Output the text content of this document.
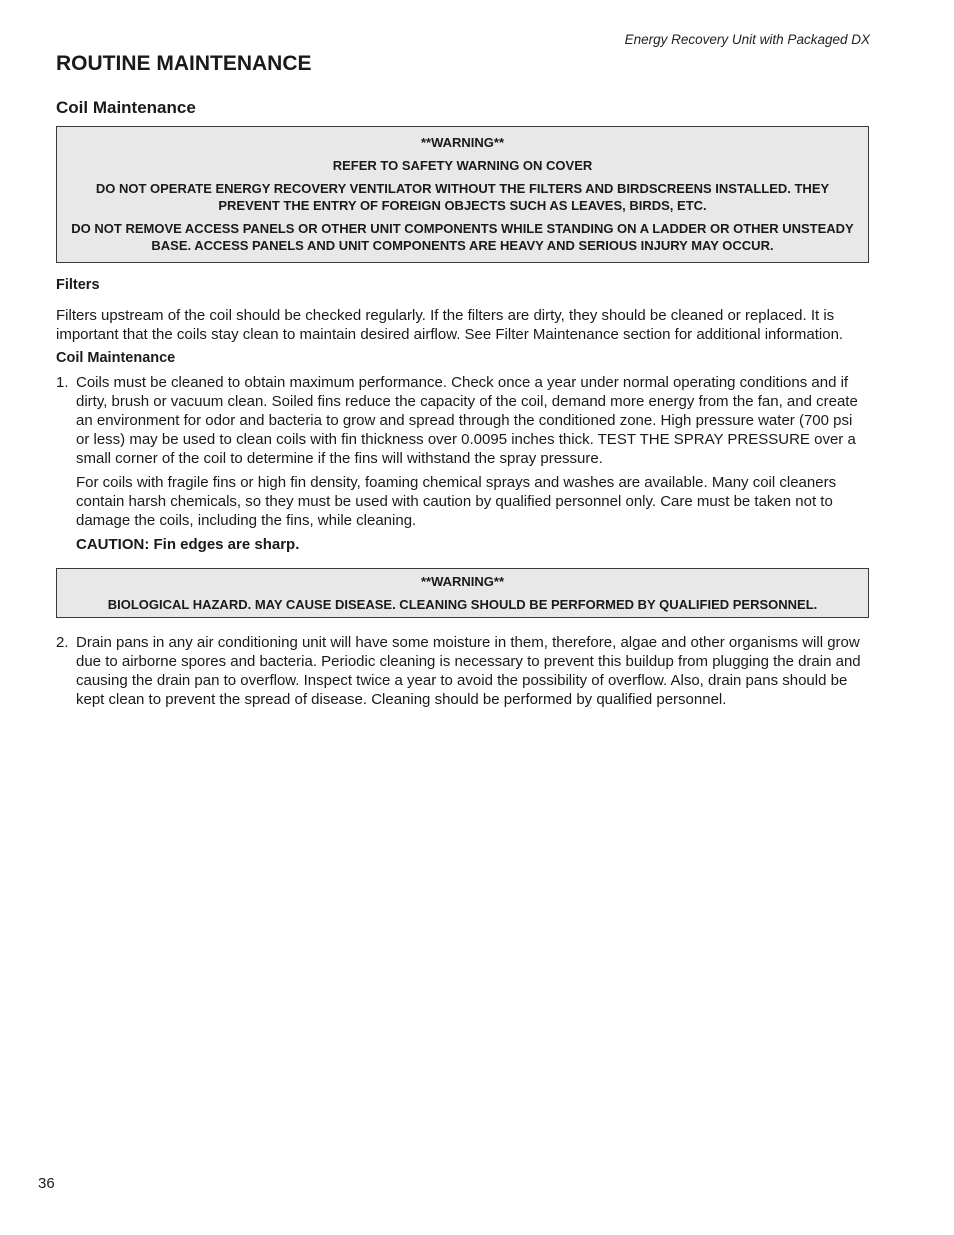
Energy Recovery Unit with Packaged DX
ROUTINE MAINTENANCE
Coil Maintenance

**WARNING**

REFER TO SAFETY WARNING ON COVER

DO NOT OPERATE ENERGY RECOVERY VENTILATOR WITHOUT THE FILTERS AND BIRDSCREENS INSTALLED. THEY PREVENT THE ENTRY OF FOREIGN OBJECTS SUCH AS LEAVES, BIRDS, ETC.

DO NOT REMOVE ACCESS PANELS OR OTHER UNIT COMPONENTS WHILE STANDING ON A LADDER OR OTHER UNSTEADY BASE. ACCESS PANELS AND UNIT COMPONENTS ARE HEAVY AND SERIOUS INJURY MAY OCCUR.

Filters

Filters upstream of the coil should be checked regularly. If the filters are dirty, they should be cleaned or replaced. It is important that the coils stay clean to maintain desired airflow. See Filter Maintenance section for additional information.

Coil Maintenance

1. Coils must be cleaned to obtain maximum performance. Check once a year under normal operating conditions and if dirty, brush or vacuum clean. Soiled fins reduce the capacity of the coil, demand more energy from the fan, and create an environment for odor and bacteria to grow and spread through the conditioned zone. High pressure water (700 psi or less) may be used to clean coils with fin thickness over 0.0095 inches thick. TEST THE SPRAY PRESSURE over a small corner of the coil to determine if the fins will withstand the spray pressure.

For coils with fragile fins or high fin density, foaming chemical sprays and washes are available. Many coil cleaners contain harsh chemicals, so they must be used with caution by qualified personnel only. Care must be taken not to damage the coils, including the fins, while cleaning.

CAUTION: Fin edges are sharp.

**WARNING**

BIOLOGICAL HAZARD. MAY CAUSE DISEASE. CLEANING SHOULD BE PERFORMED BY QUALIFIED PERSONNEL.

2. Drain pans in any air conditioning unit will have some moisture in them, therefore, algae and other organisms will grow due to airborne spores and bacteria. Periodic cleaning is necessary to prevent this buildup from plugging the drain and causing the drain pan to overflow. Inspect twice a year to avoid the possibility of overflow. Also, drain pans should be kept clean to prevent the spread of disease. Cleaning should be performed by qualified personnel.

36
